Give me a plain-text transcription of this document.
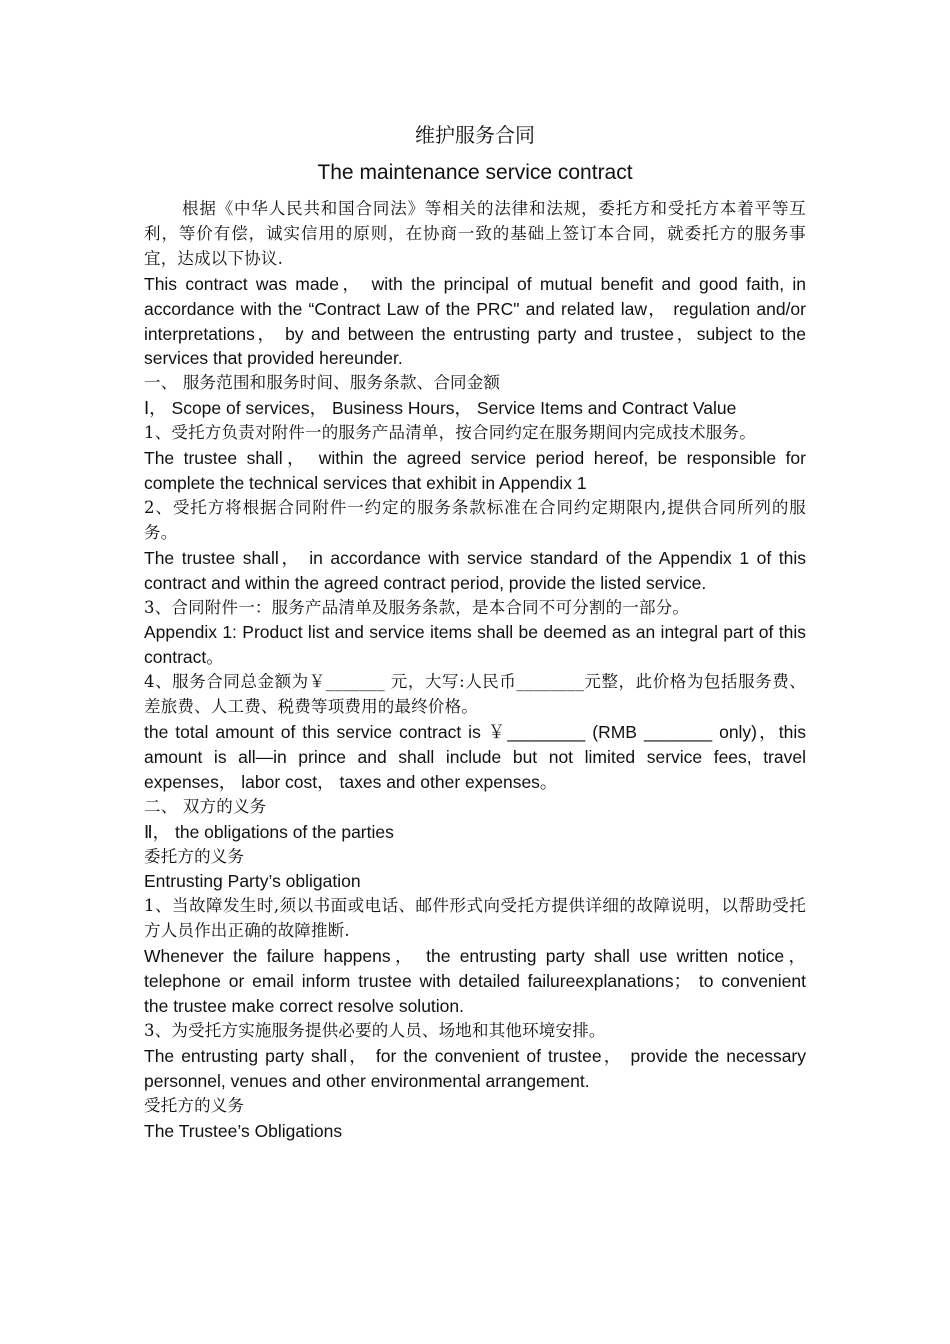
维护服务合同

The maintenance service contract

根据《中华人民共和国合同法》等相关的法律和法规，委托方和受托方本着平等互利，等价有偿，诚实信用的原则，在协商一致的基础上签订本合同，就委托方的服务事宜，达成以下协议.

This contract was made， with the principal of mutual benefit and good faith, in accordance with the “Contract Law of the PRC" and related law， regulation and/or interpretations， by and between the entrusting party and trustee，subject to the services that provided hereunder.

一、 服务范围和服务时间、服务条款、合同金额

Ⅰ， Scope of services， Business Hours， Service Items and Contract Value

1、受托方负责对附件一的服务产品清单，按合同约定在服务期间内完成技术服务。

The trustee shall， within the agreed service period hereof, be responsible for complete the technical services that exhibit in Appendix 1

2、受托方将根据合同附件一约定的服务条款标准在合同约定期限内,提供合同所列的服务。

The trustee shall， in accordance with service standard of the Appendix 1 of this contract and within the agreed contract period, provide the listed service.

3、合同附件一：服务产品清单及服务条款，是本合同不可分割的一部分。

Appendix 1: Product list and service items shall be deemed as an integral part of this contract。

4、服务合同总金额为￥_______ 元，大写:人民币________元整，此价格为包括服务费、差旅费、人工费、税费等项费用的最终价格。

the total amount of this service contract is ￥________ (RMB _______ only)，this amount is all—in prince and shall include but not limited service fees, travel expenses， labor cost， taxes and other expenses。

二、 双方的义务

Ⅱ， the obligations of the parties

委托方的义务

Entrusting Party’s obligation

1、当故障发生时,须以书面或电话、邮件形式向受托方提供详细的故障说明，以帮助受托方人员作出正确的故障推断.

Whenever the failure happens， the entrusting party shall use written notice，telephone or email inform trustee with detailed failureexplanations； to convenient the trustee make correct resolve solution.

3、为受托方实施服务提供必要的人员、场地和其他环境安排。

The entrusting party shall， for the convenient of trustee， provide the necessary personnel, venues and other environmental arrangement.

受托方的义务

The Trustee’s Obligations
